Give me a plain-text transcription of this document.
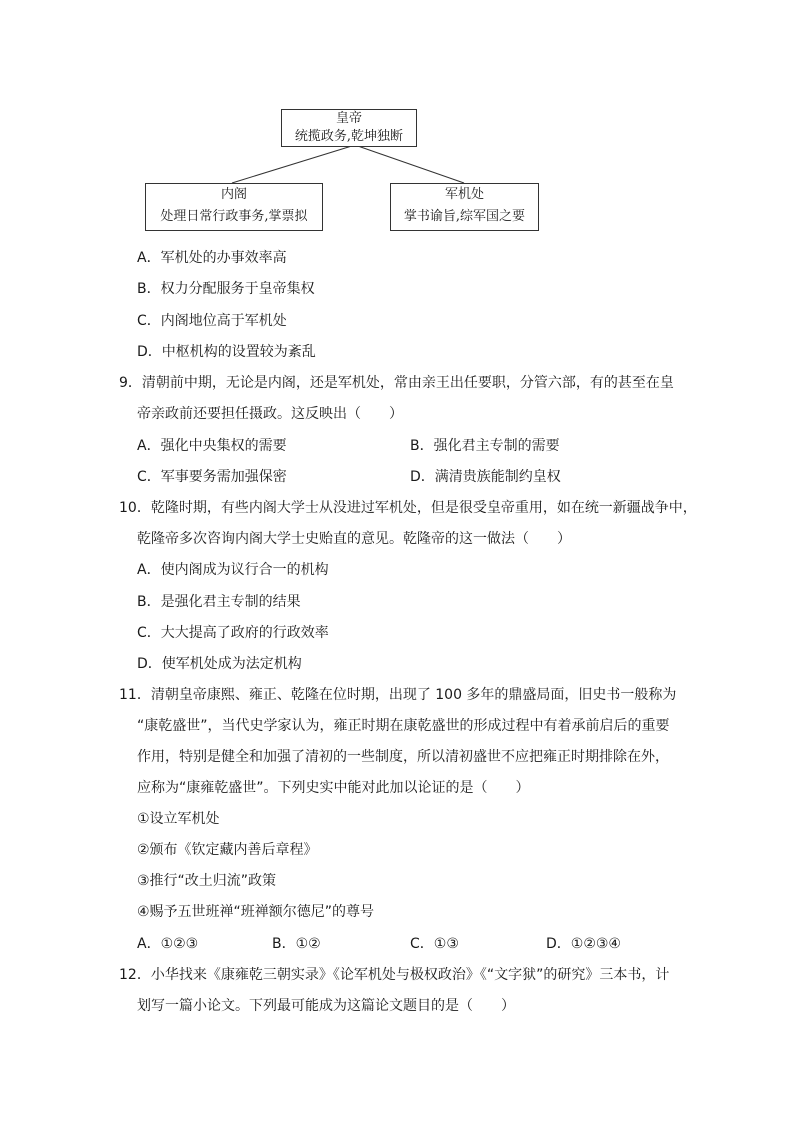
皇帝
统揽政务,乾坤独断
内阁
处理日常行政事务,掌票拟
军机处
掌书谕旨,综军国之要
A．军机处的办事效率高
B．权力分配服务于皇帝集权
C．内阁地位高于军机处
D．中枢机构的设置较为紊乱
9．清朝前中期，无论是内阁，还是军机处，常由亲王出任要职，分管六部，有的甚至在皇
帝亲政前还要担任摄政。这反映出（　　）
A．强化中央集权的需要	B．强化君主专制的需要
C．军事要务需加强保密	D．满清贵族能制约皇权
10．乾隆时期，有些内阁大学士从没进过军机处，但是很受皇帝重用，如在统一新疆战争中，
乾隆帝多次咨询内阁大学士史贻直的意见。乾隆帝的这一做法（　　）
A．使内阁成为议行合一的机构
B．是强化君主专制的结果
C．大大提高了政府的行政效率
D．使军机处成为法定机构
11．清朝皇帝康熙、雍正、乾隆在位时期，出现了 100 多年的鼎盛局面，旧史书一般称为
“康乾盛世”，当代史学家认为，雍正时期在康乾盛世的形成过程中有着承前启后的重要
作用，特别是健全和加强了清初的一些制度，所以清初盛世不应把雍正时期排除在外，
应称为“康雍乾盛世”。下列史实中能对此加以论证的是（　　）
①设立军机处
②颁布《钦定藏内善后章程》
③推行“改土归流”政策
④赐予五世班禅“班禅额尔德尼”的尊号
A．①②③	B．①②	C．①③	D．①②③④
12．小华找来《康雍乾三朝实录》《论军机处与极权政治》《“文字狱”的研究》三本书，计
划写一篇小论文。下列最可能成为这篇论文题目的是（　　）
